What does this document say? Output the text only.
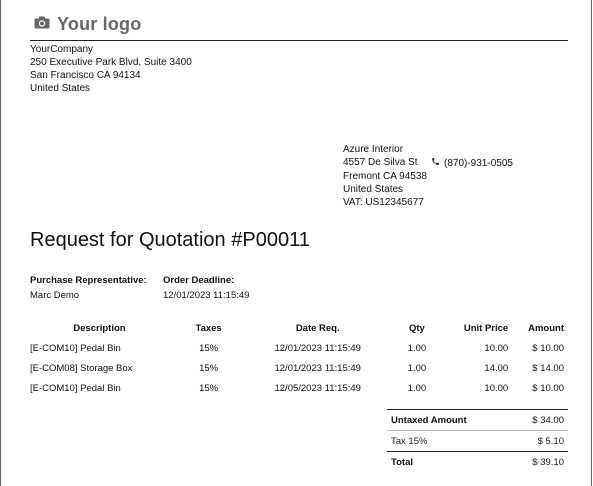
Your logo
YourCompany
250 Executive Park Blvd, Suite 3400
San Francisco CA 94134
United States
Azure Interior
4557 De Silva St
Fremont CA 94538
United States
VAT: US12345677
(870)-931-0505
Request for Quotation #P00011
Purchase Representative:
Marc Demo
Order Deadline:
12/01/2023 11:15:49
Description	Taxes	Date Req.	Qty	Unit Price	Amount
[E-COM10] Pedal Bin	15%	12/01/2023 11:15:49	1.00	10.00	$ 10.00
[E-COM08] Storage Box	15%	12/01/2023 11:15:49	1.00	14.00	$ 14.00
[E-COM10] Pedal Bin	15%	12/05/2023 11:15:49	1.00	10.00	$ 10.00
Untaxed Amount	$ 34.00
Tax 15%	$ 5.10
Total	$ 39.10
